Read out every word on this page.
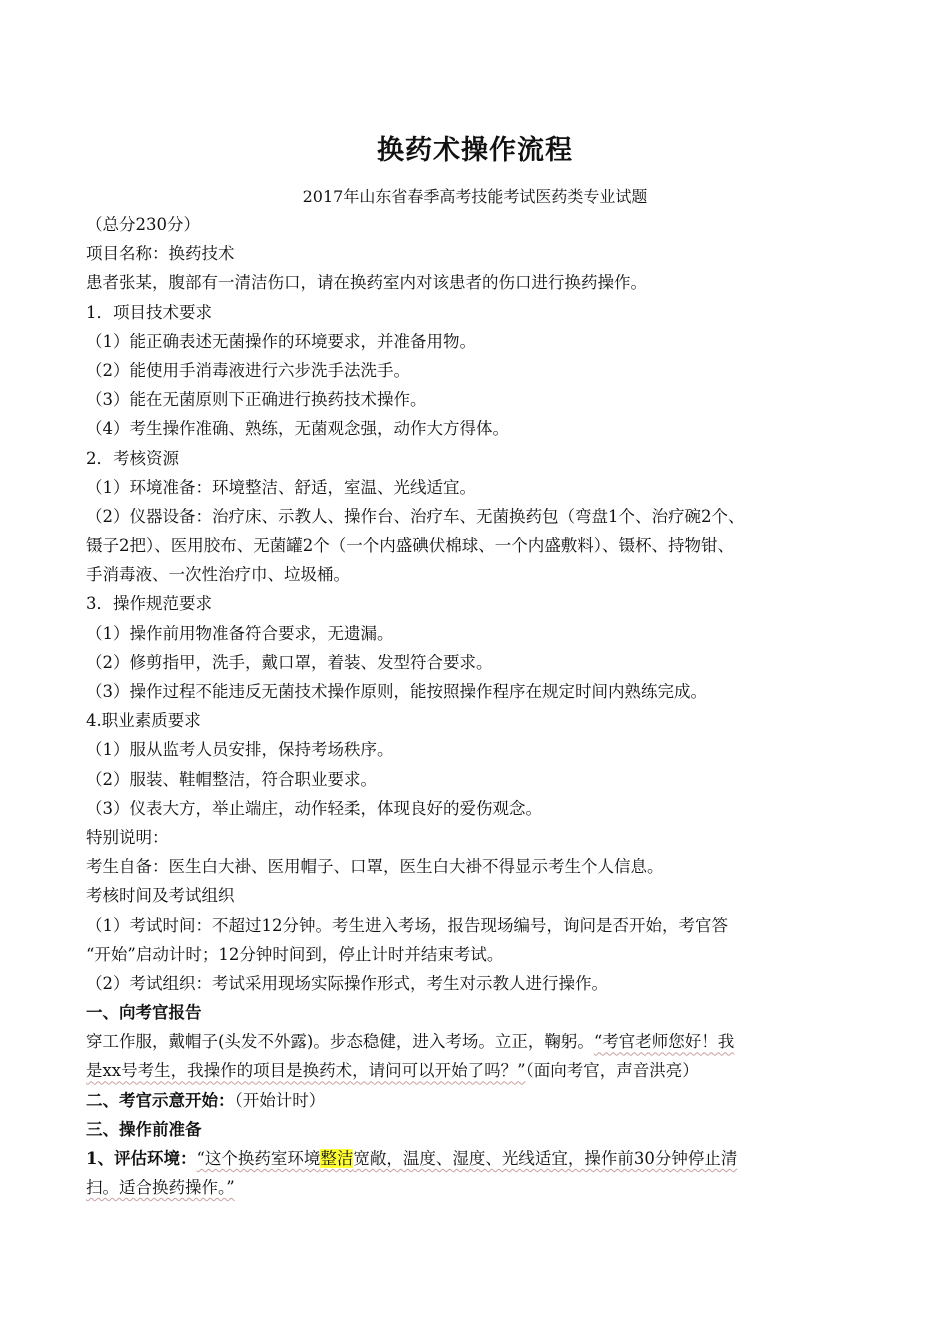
换药术操作流程
2017年山东省春季高考技能考试医药类专业试题
（总分230分）
项目名称：换药技术
患者张某，腹部有一清洁伤口，请在换药室内对该患者的伤口进行换药操作。
1．项目技术要求
（1）能正确表述无菌操作的环境要求，并准备用物。
（2）能使用手消毒液进行六步洗手法洗手。
（3）能在无菌原则下正确进行换药技术操作。
（4）考生操作准确、熟练，无菌观念强，动作大方得体。
2．考核资源
（1）环境准备：环境整洁、舒适，室温、光线适宜。
（2）仪器设备：治疗床、示教人、操作台、治疗车、无菌换药包（弯盘1个、治疗碗2个、
镊子2把）、医用胶布、无菌罐2个（一个内盛碘伏棉球、一个内盛敷料）、镊杯、持物钳、
手消毒液、一次性治疗巾、垃圾桶。
3．操作规范要求
（1）操作前用物准备符合要求，无遗漏。
（2）修剪指甲，洗手，戴口罩，着装、发型符合要求。
（3）操作过程不能违反无菌技术操作原则，能按照操作程序在规定时间内熟练完成。
4.职业素质要求
（1）服从监考人员安排，保持考场秩序。
（2）服装、鞋帽整洁，符合职业要求。
（3）仪表大方，举止端庄，动作轻柔，体现良好的爱伤观念。
特别说明：
考生自备：医生白大褂、医用帽子、口罩，医生白大褂不得显示考生个人信息。
考核时间及考试组织
（1）考试时间：不超过12分钟。考生进入考场，报告现场编号，询问是否开始，考官答
“开始”启动计时；12分钟时间到，停止计时并结束考试。
（2）考试组织：考试采用现场实际操作形式，考生对示教人进行操作。
一、向考官报告
穿工作服，戴帽子(头发不外露)。步态稳健，进入考场。立正，鞠躬。“考官老师您好！我
是xx号考生，我操作的项目是换药术，请问可以开始了吗？”（面向考官，声音洪亮）
二、考官示意开始：（开始计时）
三、操作前准备
1、评估环境：“这个换药室环境整洁宽敞，温度、湿度、光线适宜，操作前30分钟停止清
扫。适合换药操作。”
